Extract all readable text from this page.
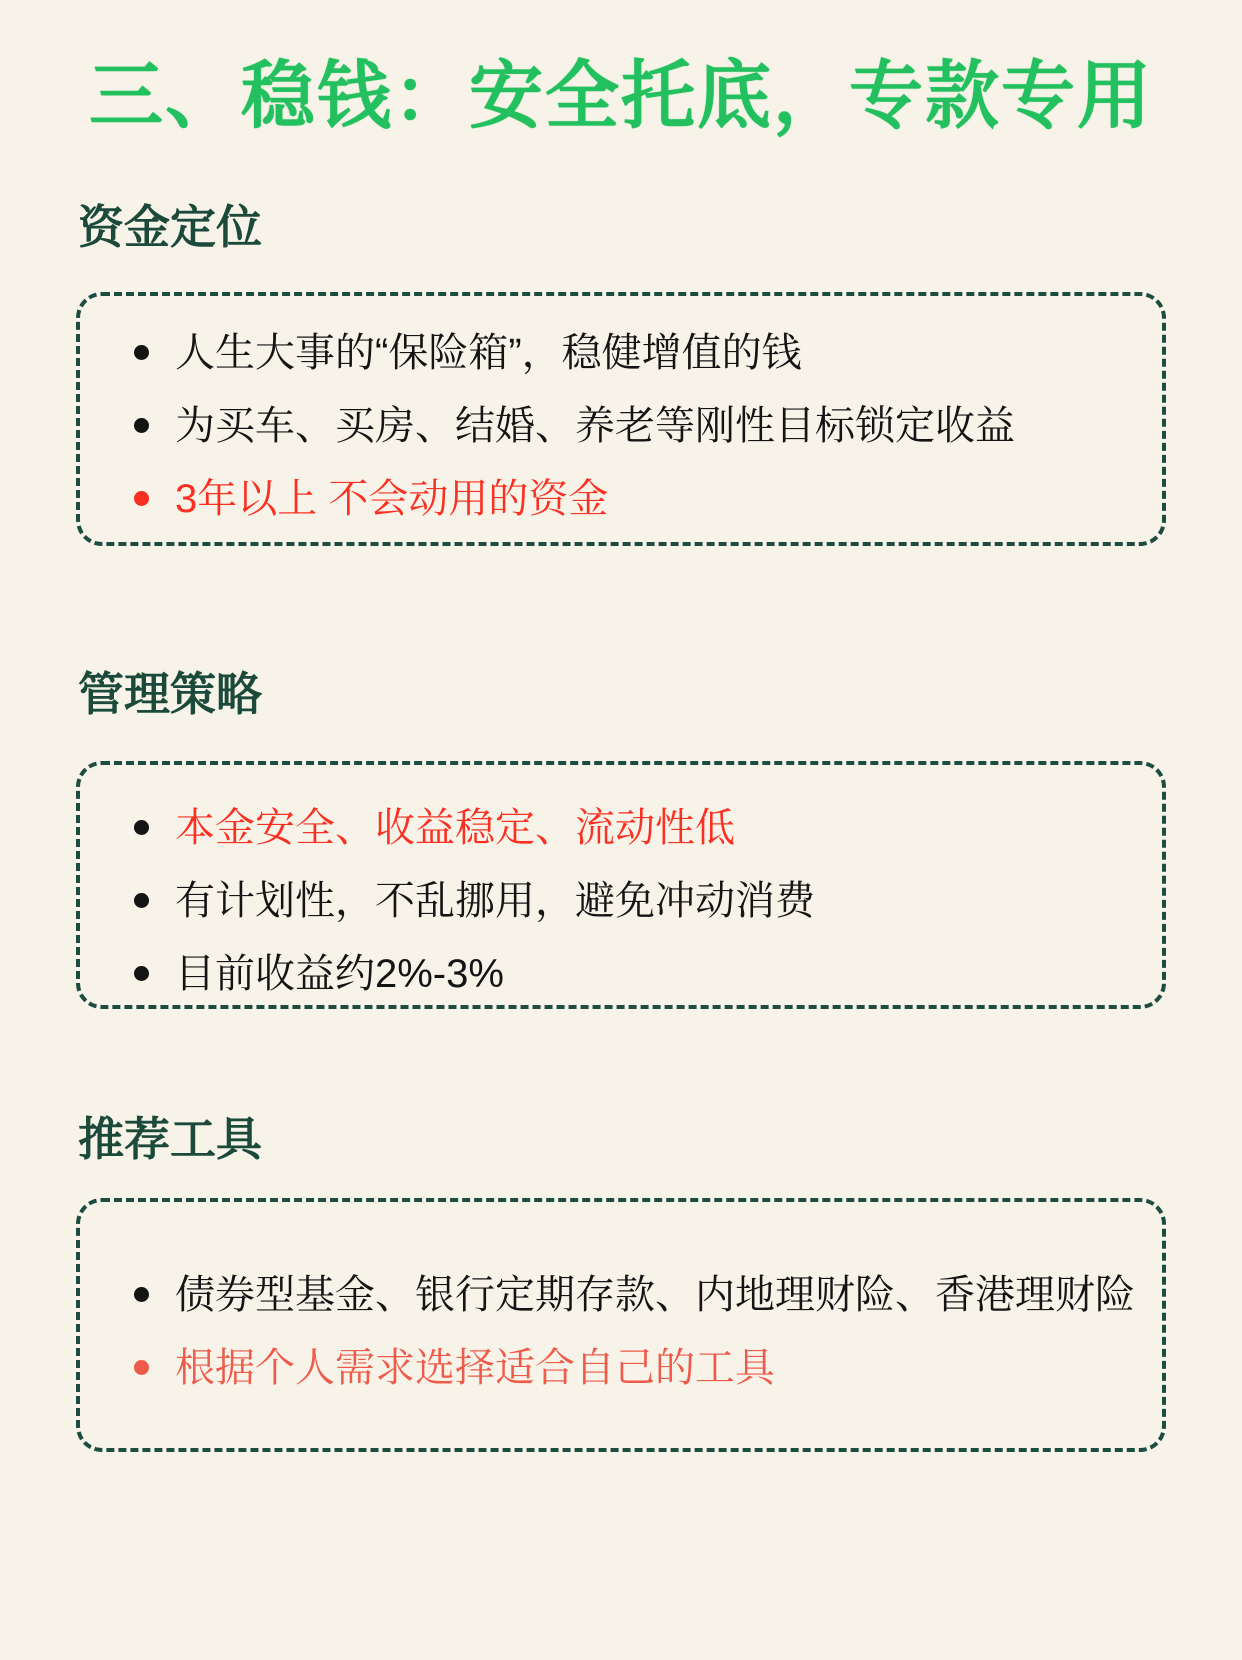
三、稳钱：安全托底，专款专用
资金定位
人生大事的“保险箱”，稳健增值的钱
为买车、买房、结婚、养老等刚性目标锁定收益
3年以上 不会动用的资金
管理策略
本金安全、收益稳定、流动性低
有计划性，不乱挪用，避免冲动消费
目前收益约2%-3%
推荐工具
债券型基金、银行定期存款、内地理财险、香港理财险
根据个人需求选择适合自己的工具
